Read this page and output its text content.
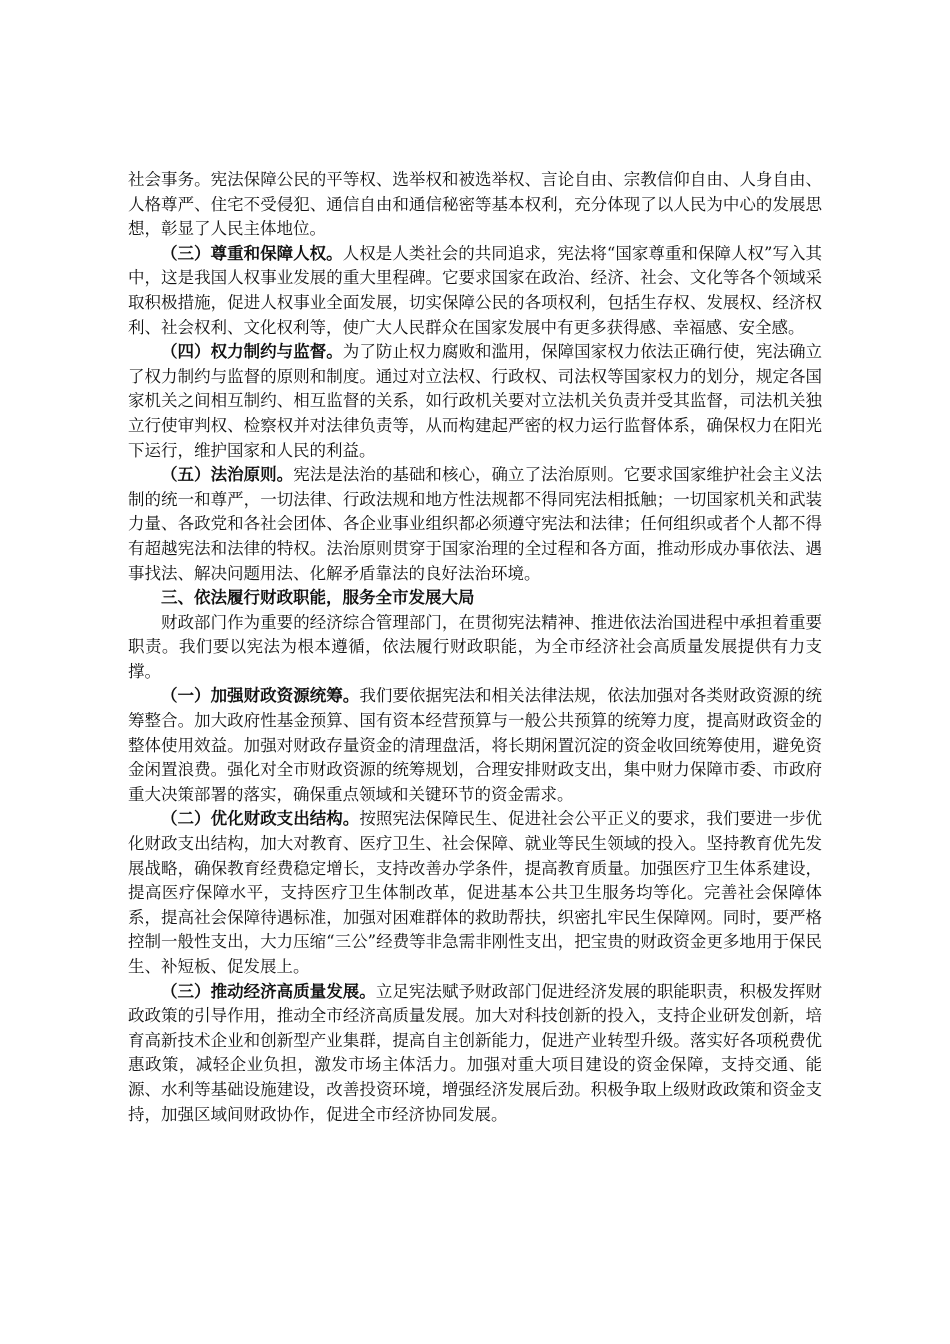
社会事务。宪法保障公民的平等权、选举权和被选举权、言论自由、宗教信仰自由、人身自由、人格尊严、住宅不受侵犯、通信自由和通信秘密等基本权利，充分体现了以人民为中心的发展思想，彰显了人民主体地位。

（三）尊重和保障人权。人权是人类社会的共同追求，宪法将“国家尊重和保障人权”写入其中，这是我国人权事业发展的重大里程碑。它要求国家在政治、经济、社会、文化等各个领域采取积极措施，促进人权事业全面发展，切实保障公民的各项权利，包括生存权、发展权、经济权利、社会权利、文化权利等，使广大人民群众在国家发展中有更多获得感、幸福感、安全感。

（四）权力制约与监督。为了防止权力腐败和滥用，保障国家权力依法正确行使，宪法确立了权力制约与监督的原则和制度。通过对立法权、行政权、司法权等国家权力的划分，规定各国家机关之间相互制约、相互监督的关系，如行政机关要对立法机关负责并受其监督，司法机关独立行使审判权、检察权并对法律负责等，从而构建起严密的权力运行监督体系，确保权力在阳光下运行，维护国家和人民的利益。

（五）法治原则。宪法是法治的基础和核心，确立了法治原则。它要求国家维护社会主义法制的统一和尊严，一切法律、行政法规和地方性法规都不得同宪法相抵触；一切国家机关和武装力量、各政党和各社会团体、各企业事业组织都必须遵守宪法和法律；任何组织或者个人都不得有超越宪法和法律的特权。法治原则贯穿于国家治理的全过程和各方面，推动形成办事依法、遇事找法、解决问题用法、化解矛盾靠法的良好法治环境。

三、依法履行财政职能，服务全市发展大局

财政部门作为重要的经济综合管理部门，在贯彻宪法精神、推进依法治国进程中承担着重要职责。我们要以宪法为根本遵循，依法履行财政职能，为全市经济社会高质量发展提供有力支撑。

（一）加强财政资源统筹。我们要依据宪法和相关法律法规，依法加强对各类财政资源的统筹整合。加大政府性基金预算、国有资本经营预算与一般公共预算的统筹力度，提高财政资金的整体使用效益。加强对财政存量资金的清理盘活，将长期闲置沉淀的资金收回统筹使用，避免资金闲置浪费。强化对全市财政资源的统筹规划，合理安排财政支出，集中财力保障市委、市政府重大决策部署的落实，确保重点领域和关键环节的资金需求。

（二）优化财政支出结构。按照宪法保障民生、促进社会公平正义的要求，我们要进一步优化财政支出结构，加大对教育、医疗卫生、社会保障、就业等民生领域的投入。坚持教育优先发展战略，确保教育经费稳定增长，支持改善办学条件，提高教育质量。加强医疗卫生体系建设，提高医疗保障水平，支持医疗卫生体制改革，促进基本公共卫生服务均等化。完善社会保障体系，提高社会保障待遇标准，加强对困难群体的救助帮扶，织密扎牢民生保障网。同时，要严格控制一般性支出，大力压缩“三公”经费等非急需非刚性支出，把宝贵的财政资金更多地用于保民生、补短板、促发展上。

（三）推动经济高质量发展。立足宪法赋予财政部门促进经济发展的职能职责，积极发挥财政政策的引导作用，推动全市经济高质量发展。加大对科技创新的投入，支持企业研发创新，培育高新技术企业和创新型产业集群，提高自主创新能力，促进产业转型升级。落实好各项税费优惠政策，减轻企业负担，激发市场主体活力。加强对重大项目建设的资金保障，支持交通、能源、水利等基础设施建设，改善投资环境，增强经济发展后劲。积极争取上级财政政策和资金支持，加强区域间财政协作，促进全市经济协同发展。
